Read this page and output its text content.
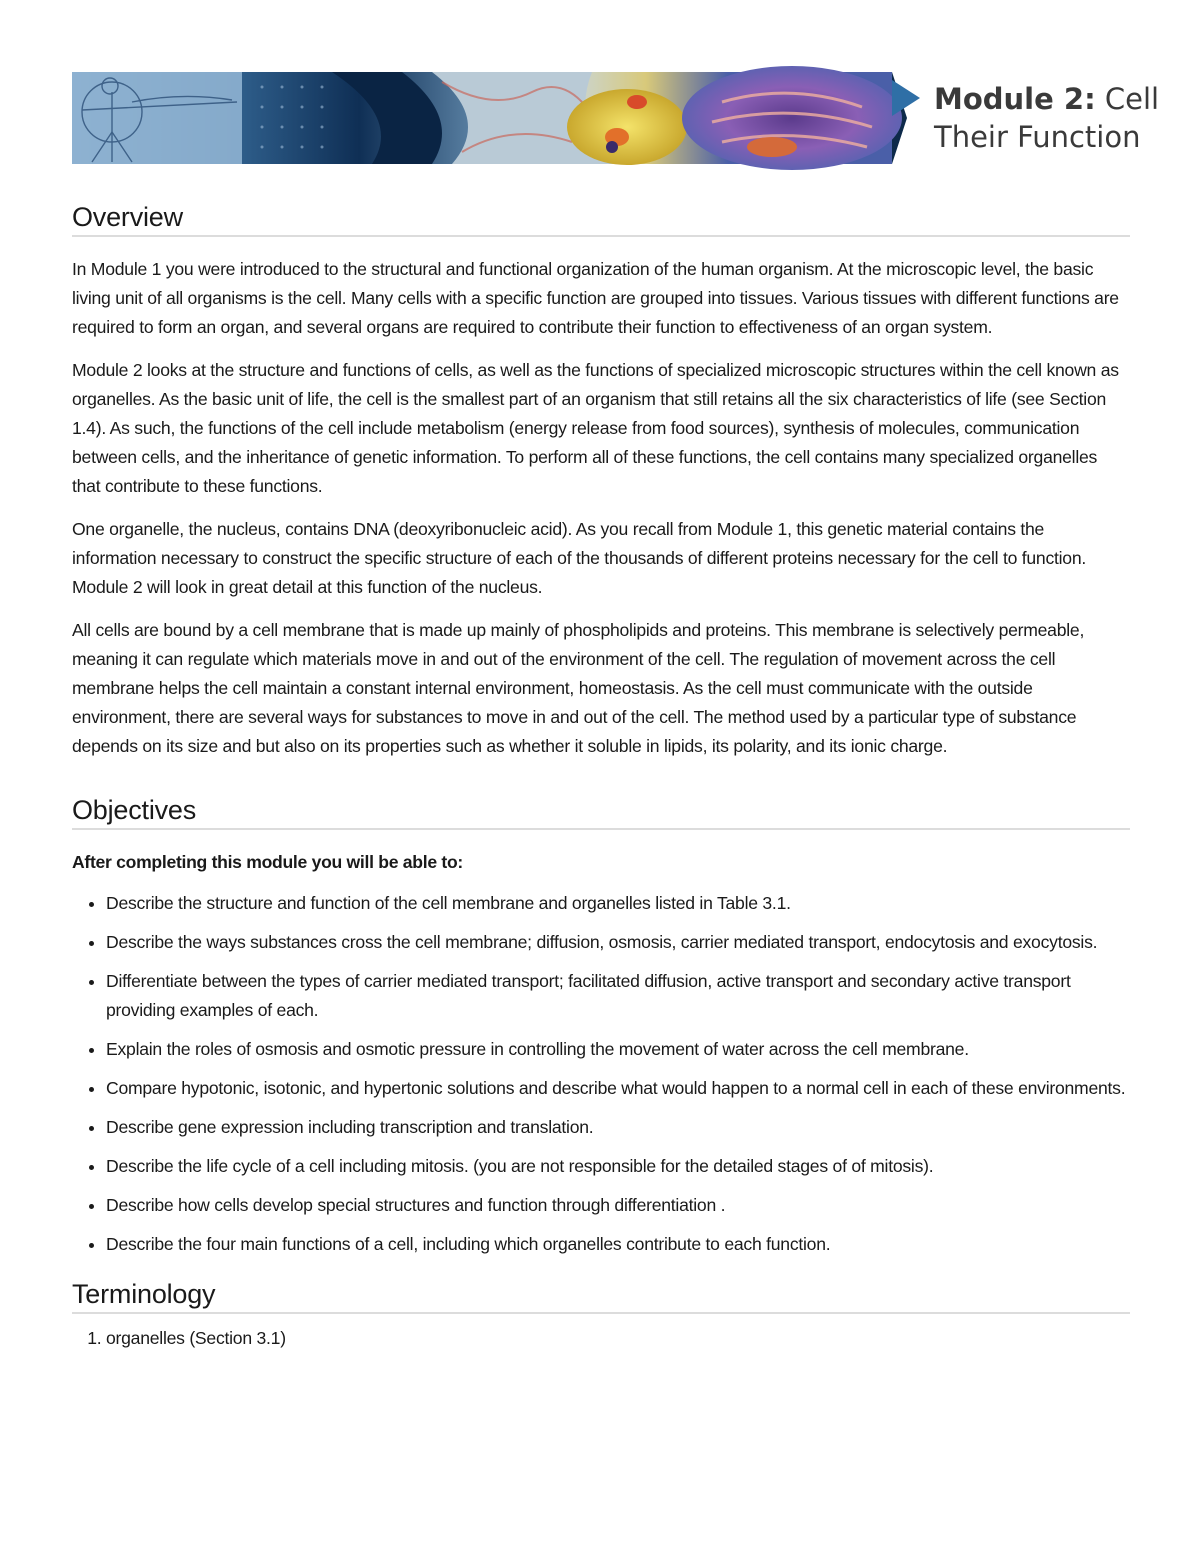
Module 2: Cell
Their Function
Overview

In Module 1 you were introduced to the structural and functional organization of the human organism. At the microscopic level, the basic living unit of all organisms is the cell. Many cells with a specific function are grouped into tissues. Various tissues with different functions are required to form an organ, and several organs are required to contribute their function to effectiveness of an organ system.

Module 2 looks at the structure and functions of cells, as well as the functions of specialized microscopic structures within the cell known as organelles. As the basic unit of life, the cell is the smallest part of an organism that still retains all the six characteristics of life (see Section 1.4). As such, the functions of the cell include metabolism (energy release from food sources), synthesis of molecules, communication between cells, and the inheritance of genetic information. To perform all of these functions, the cell contains many specialized organelles that contribute to these functions.

One organelle, the nucleus, contains DNA (deoxyribonucleic acid). As you recall from Module 1, this genetic material contains the information necessary to construct the specific structure of each of the thousands of different proteins necessary for the cell to function. Module 2 will look in great detail at this function of the nucleus.

All cells are bound by a cell membrane that is made up mainly of phospholipids and proteins. This membrane is selectively permeable, meaning it can regulate which materials move in and out of the environment of the cell. The regulation of movement across the cell membrane helps the cell maintain a constant internal environment, homeostasis. As the cell must communicate with the outside environment, there are several ways for substances to move in and out of the cell. The method used by a particular type of substance depends on its size and but also on its properties such as whether it soluble in lipids, its polarity, and its ionic charge.

Objectives

After completing this module you will be able to:

• Describe the structure and function of the cell membrane and organelles listed in Table 3.1.
• Describe the ways substances cross the cell membrane; diffusion, osmosis, carrier mediated transport, endocytosis and exocytosis.
• Differentiate between the types of carrier mediated transport; facilitated diffusion, active transport and secondary active transport providing examples of each.
• Explain the roles of osmosis and osmotic pressure in controlling the movement of water across the cell membrane.
• Compare hypotonic, isotonic, and hypertonic solutions and describe what would happen to a normal cell in each of these environments.
• Describe gene expression including transcription and translation.
• Describe the life cycle of a cell including mitosis. (you are not responsible for the detailed stages of of mitosis).
• Describe how cells develop special structures and function through differentiation .
• Describe the four main functions of a cell, including which organelles contribute to each function.
Terminology
1. organelles (Section 3.1)
